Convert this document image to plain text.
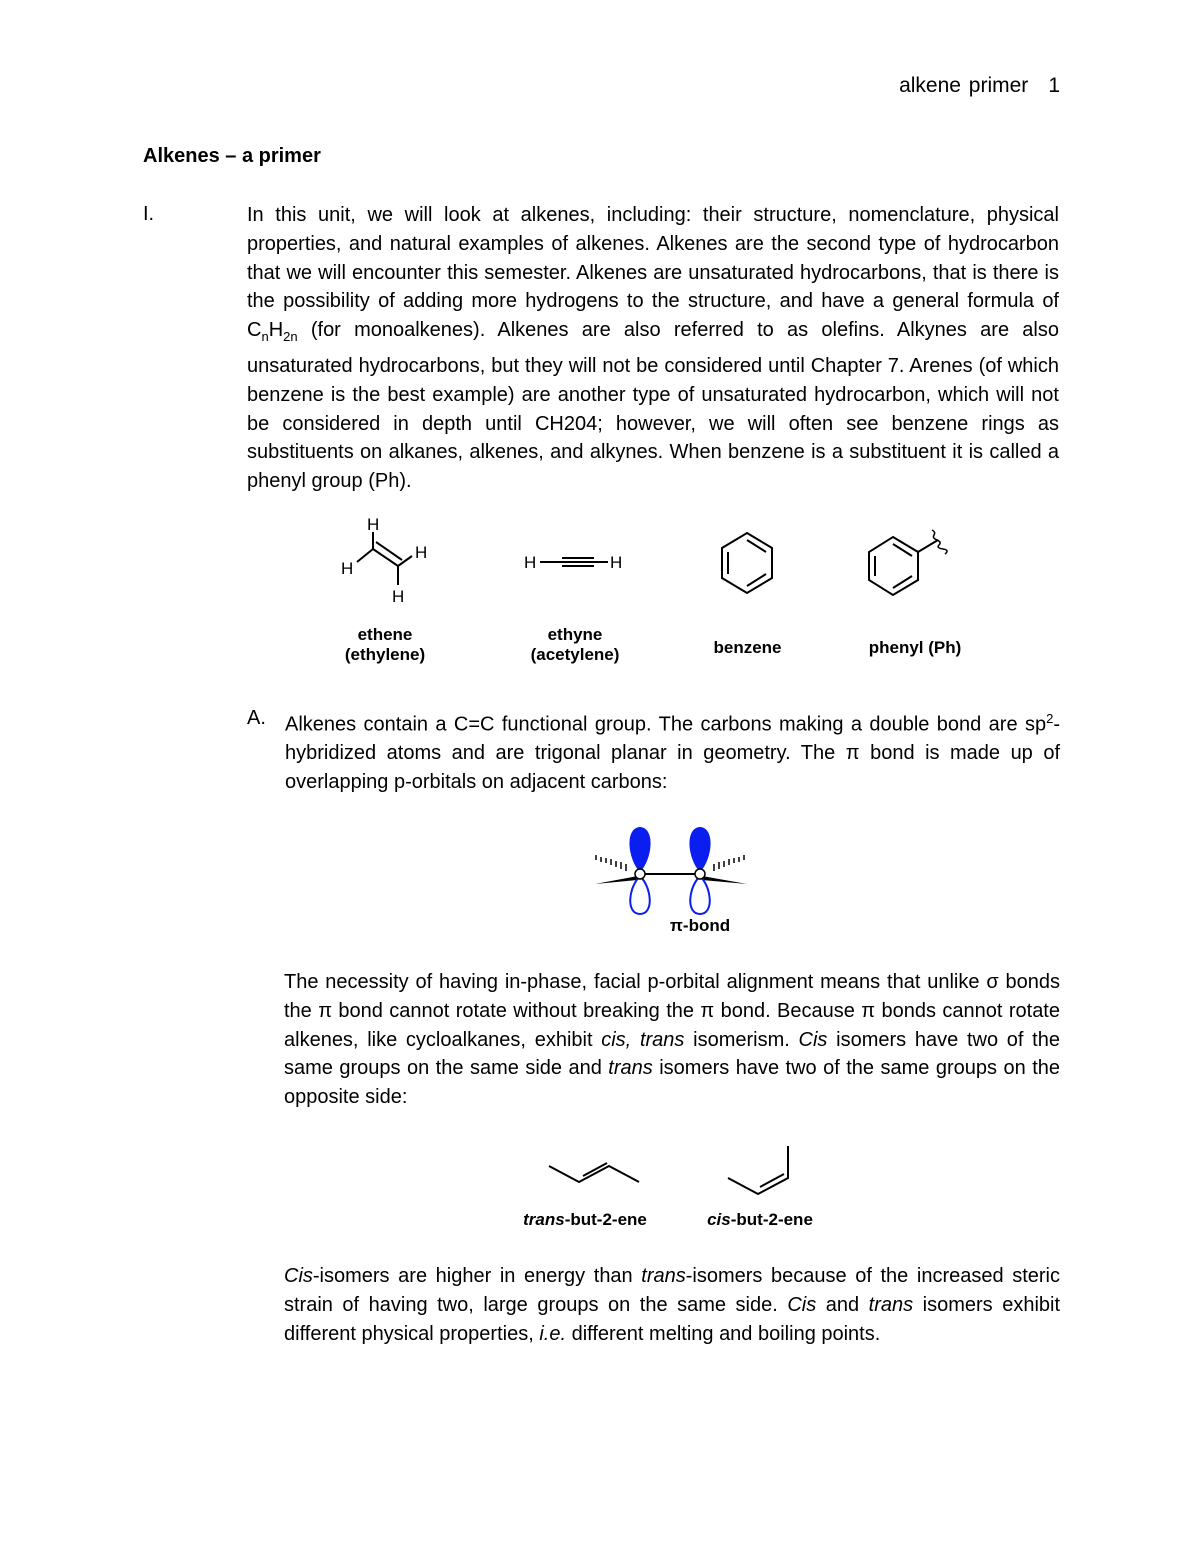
alkene primer 1
Alkenes – a primer
I.	In this unit, we will look at alkenes, including: their structure, nomenclature, physical properties, and natural examples of alkenes. Alkenes are the second type of hydrocarbon that we will encounter this semester. Alkenes are unsaturated hydrocarbons, that is there is the possibility of adding more hydrogens to the structure, and have a general formula of $C_nH_{2n}$ (for monoalkenes). Alkenes are also referred to as olefins. Alkynes are also unsaturated hydrocarbons, but they will not be considered until Chapter 7. Arenes (of which benzene is the best example) are another type of unsaturated hydrocarbon, which will not be considered in depth until CH204; however, we will often see benzene rings as substituents on alkanes, alkenes, and alkynes. When benzene is a substituent it is called a phenyl group (Ph).
H
H
H
H
H	H
ethene
(ethylene)
ethyne
(acetylene)	benzene	phenyl (Ph)
A. Alkenes contain a C=C functional group. The carbons making a double bond are $sp^2$-hybridized atoms and are trigonal planar in geometry. The π bond is made up of overlapping p-orbitals on adjacent carbons:
π-bond
The necessity of having in-phase, facial p-orbital alignment means that unlike σ bonds the π bond cannot rotate without breaking the π bond. Because π bonds cannot rotate alkenes, like cycloalkanes, exhibit cis, trans isomerism. Cis isomers have two of the same groups on the same side and trans isomers have two of the same groups on the opposite side:
trans-but-2-ene	cis-but-2-ene
Cis-isomers are higher in energy than trans-isomers because of the increased steric strain of having two, large groups on the same side. Cis and trans isomers exhibit different physical properties, i.e. different melting and boiling points.
